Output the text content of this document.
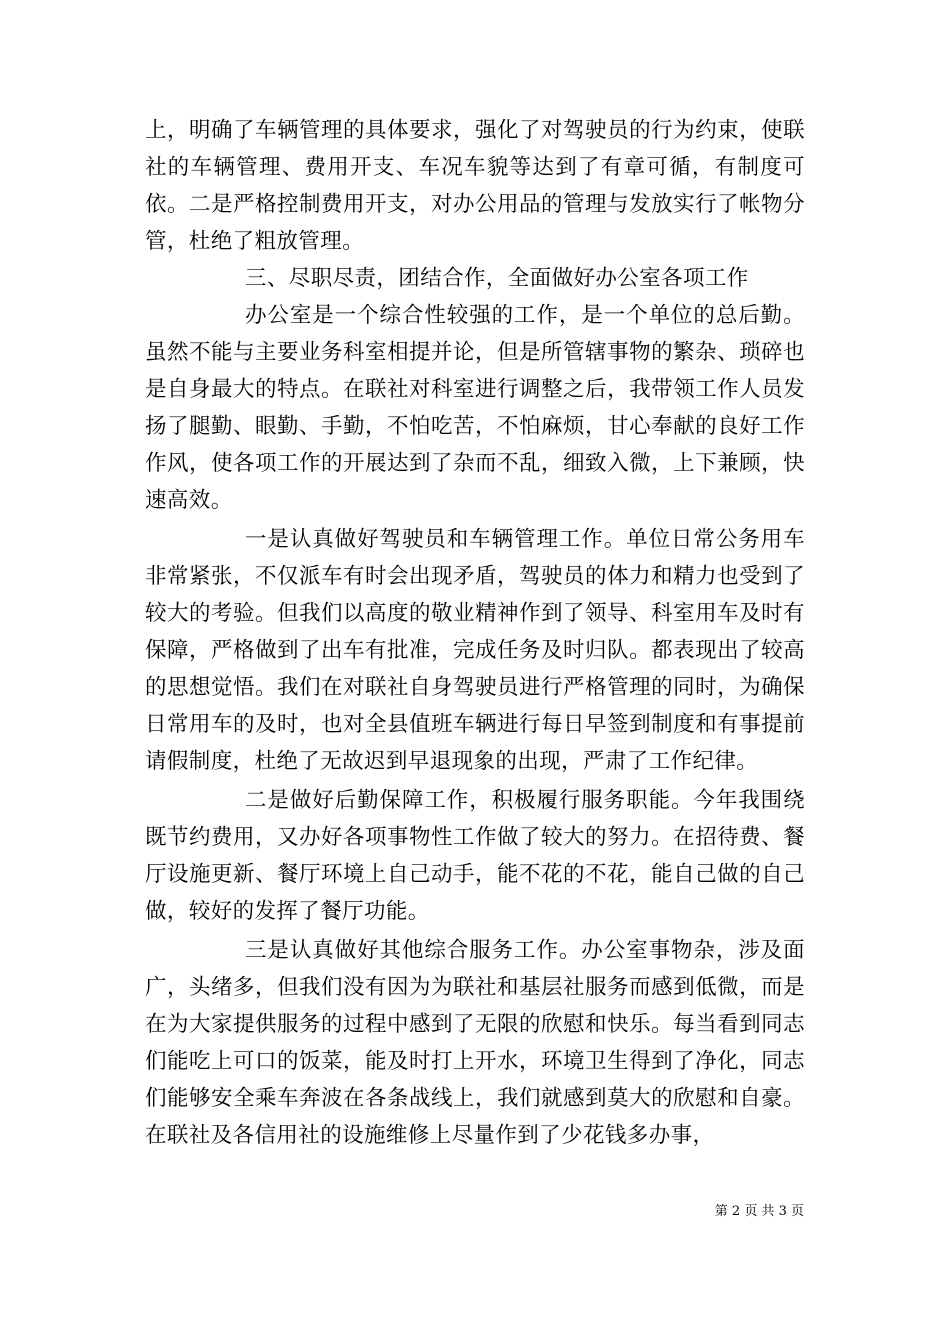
上，明确了车辆管理的具体要求，强化了对驾驶员的行为约束，使联社的车辆管理、费用开支、车况车貌等达到了有章可循，有制度可依。二是严格控制费用开支，对办公用品的管理与发放实行了帐物分管，杜绝了粗放管理。

三、尽职尽责，团结合作，全面做好办公室各项工作

办公室是一个综合性较强的工作，是一个单位的总后勤。虽然不能与主要业务科室相提并论，但是所管辖事物的繁杂、琐碎也是自身最大的特点。在联社对科室进行调整之后，我带领工作人员发扬了腿勤、眼勤、手勤，不怕吃苦，不怕麻烦，甘心奉献的良好工作作风，使各项工作的开展达到了杂而不乱，细致入微，上下兼顾，快速高效。

一是认真做好驾驶员和车辆管理工作。单位日常公务用车非常紧张，不仅派车有时会出现矛盾，驾驶员的体力和精力也受到了较大的考验。但我们以高度的敬业精神作到了领导、科室用车及时有保障，严格做到了出车有批准，完成任务及时归队。都表现出了较高的思想觉悟。我们在对联社自身驾驶员进行严格管理的同时，为确保日常用车的及时，也对全县值班车辆进行每日早签到制度和有事提前请假制度，杜绝了无故迟到早退现象的出现，严肃了工作纪律。

二是做好后勤保障工作，积极履行服务职能。今年我围绕既节约费用，又办好各项事物性工作做了较大的努力。在招待费、餐厅设施更新、餐厅环境上自己动手，能不花的不花，能自己做的自己做，较好的发挥了餐厅功能。

三是认真做好其他综合服务工作。办公室事物杂，涉及面广，头绪多，但我们没有因为为联社和基层社服务而感到低微，而是在为大家提供服务的过程中感到了无限的欣慰和快乐。每当看到同志们能吃上可口的饭菜，能及时打上开水，环境卫生得到了净化，同志们能够安全乘车奔波在各条战线上，我们就感到莫大的欣慰和自豪。在联社及各信用社的设施维修上尽量作到了少花钱多办事，

第 2 页 共 3 页
